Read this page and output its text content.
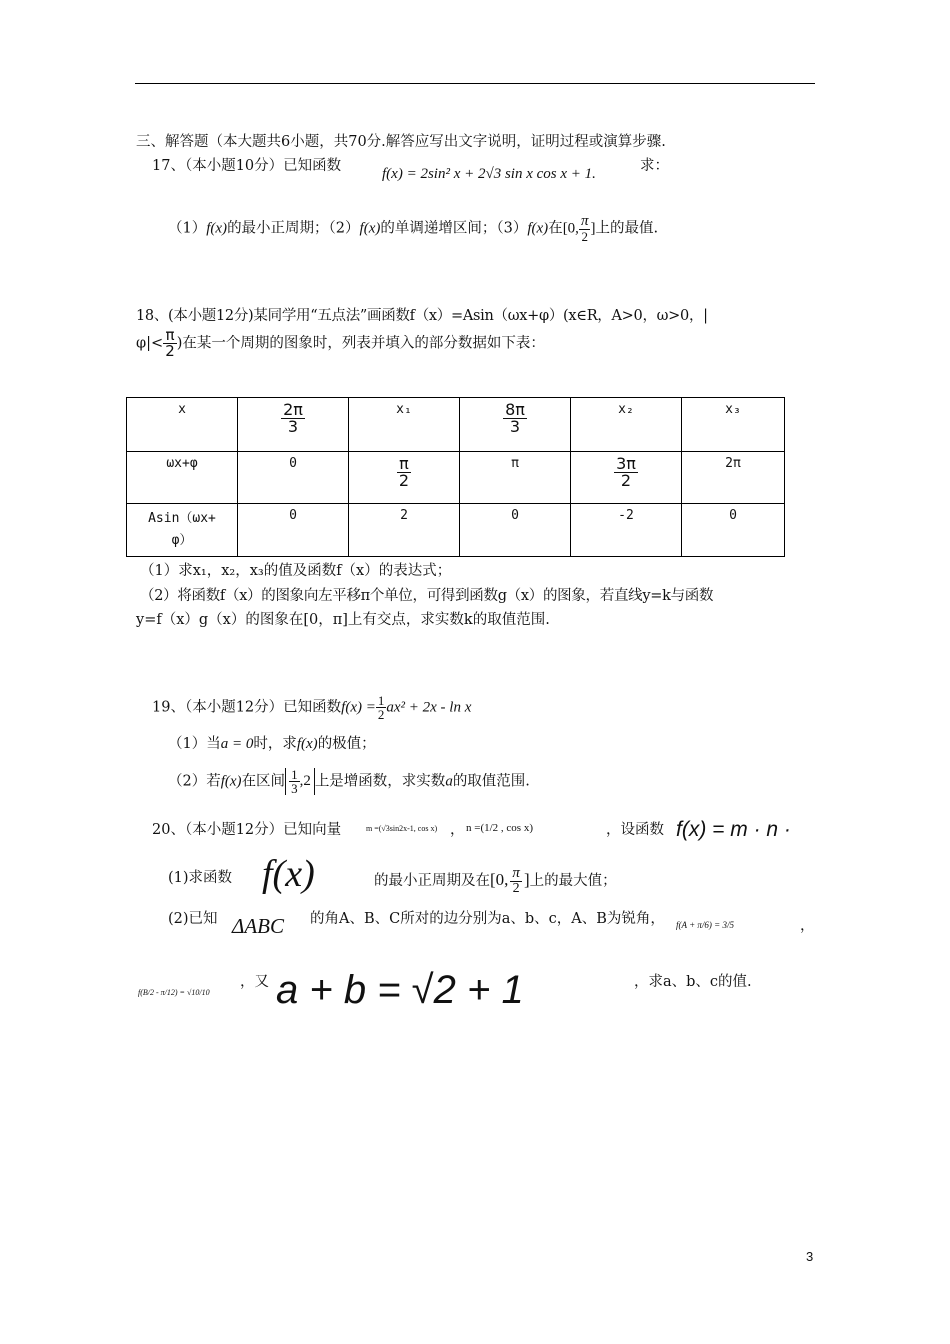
三、解答题（本大题共6小题，共70分.解答应写出文字说明，证明过程或演算步骤.
17、（本小题10分）已知函数	f(x) = 2sin² x + 2√3 sin x cos x + 1.	求：
（1）f(x)的最小正周期；（2）f(x)的单调递增区间；（3）f(x)在[0, $\frac{\pi}{2}$ ]上的最值.
18、(本小题12分)某同学用“五点法”画函数f（x）=Asin（ωx+φ）(x∈R，A>0，ω>0，|
$\varphi|< \frac{\pi}{2}$ )在某一个周期的图象时，列表并填入的部分数据如下表：
x	$\frac{2\pi}{3}$	x₁	$\frac{8\pi}{3}$	x₂	x₃
ωx+φ	0	$\frac{\pi}{2}$	π	$\frac{3\pi}{2}$	2π
Asin（ωx+
φ）	0	2	0	-2	0
（1）求x₁，x₂，x₃的值及函数f（x）的表达式；
（2）将函数f（x）的图象向左平移π个单位，可得到函数g（x）的图象，若直线y=k与函数
y=f（x）g（x）的图象在[0，π]上有交点，求实数k的取值范围.
19、（本小题12分）已知函数$f(x) = \frac{1}{2} ax^2 + 2x - \ln x$
（1）当a = 0时，求f(x)的极值；
（2）若f(x)在区间 $\frac{1}{3} ,2$ 上是增函数，求实数a的取值范围.
20、（本小题12分）已知向量	m =(√3sin2x-1, cos x) ， n =(1/2 , cos x)	，设函数 f(x) = m · n ·
(1)求函数 f(x)	的最小正周期及在[0, $\frac{\pi}{2}$ ]上的最大值；
(2)已知 ΔABC 的角A、B、C所对的边分别为a、b、c，A、B为锐角， f(A + π/6) = 3/5	，
f(B/2 - π/12) = √10/10
，又 a + b = √2 + 1	，求a、b、c的值.
3
